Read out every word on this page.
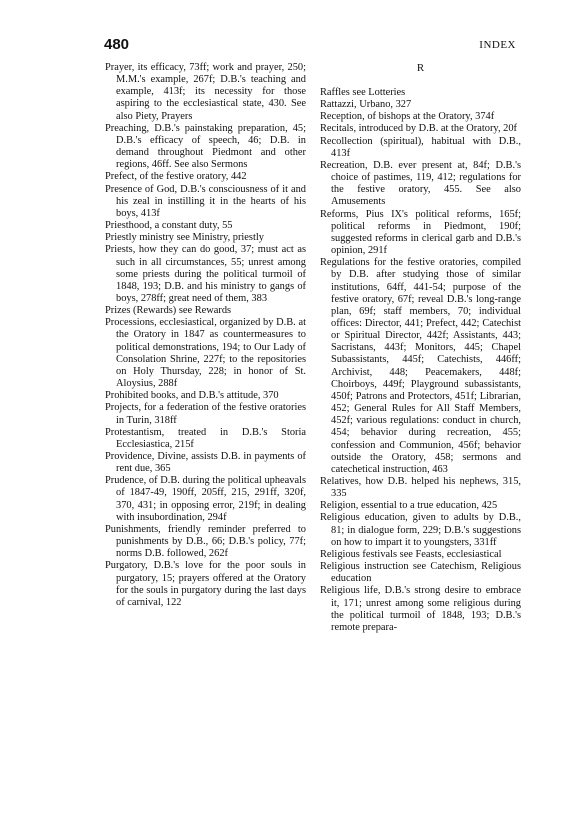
480	INDEX

Prayer, its efficacy, 73ff; work and prayer, 250; M.M.'s example, 267f; D.B.'s teaching and example, 413f; its necessity for those aspiring to the ecclesiastical state, 430. See also Piety, Prayers

Preaching, D.B.'s painstaking preparation, 45; D.B.'s efficacy of speech, 46; D.B. in demand throughout Piedmont and other regions, 46ff. See also Sermons

Prefect, of the festive oratory, 442

Presence of God, D.B.'s consciousness of it and his zeal in instilling it in the hearts of his boys, 413f

Priesthood, a constant duty, 55

Priestly ministry see Ministry, priestly

Priests, how they can do good, 37; must act as such in all circumstances, 55; unrest among some priests during the political turmoil of 1848, 193; D.B. and his ministry to gangs of boys, 278ff; great need of them, 383

Prizes (Rewards) see Rewards

Processions, ecclesiastical, organized by D.B. at the Oratory in 1847 as countermeasures to political demonstrations, 194; to Our Lady of Consolation Shrine, 227f; to the repositories on Holy Thursday, 228; in honor of St. Aloysius, 288f

Prohibited books, and D.B.'s attitude, 370

Projects, for a federation of the festive oratories in Turin, 318ff

Protestantism, treated in D.B.'s Storia Ecclesiastica, 215f

Providence, Divine, assists D.B. in payments of rent due, 365

Prudence, of D.B. during the political upheavals of 1847-49, 190ff, 205ff, 215, 291ff, 320f, 370, 431; in opposing error, 219f; in dealing with insubordination, 294f

Punishments, friendly reminder preferred to punishments by D.B., 66; D.B.'s policy, 77f; norms D.B. followed, 262f

Purgatory, D.B.'s love for the poor souls in purgatory, 15; prayers offered at the Oratory for the souls in purgatory during the last days of carnival, 122

R

Raffles see Lotteries

Rattazzi, Urbano, 327

Reception, of bishops at the Oratory, 374f

Recitals, introduced by D.B. at the Oratory, 20f

Recollection (spiritual), habitual with D.B., 413f

Recreation, D.B. ever present at, 84f; D.B.'s choice of pastimes, 119, 412; regulations for the festive oratory, 455. See also Amusements

Reforms, Pius IX's political reforms, 165f; political reforms in Piedmont, 190f; suggested reforms in clerical garb and D.B.'s opinion, 291f

Regulations for the festive oratories, compiled by D.B. after studying those of similar institutions, 64ff, 441-54; purpose of the festive oratory, 67f; reveal D.B.'s long-range plan, 69f; staff members, 70; individual offices: Director, 441; Prefect, 442; Catechist or Spiritual Director, 442f; Assistants, 443; Sacristans, 443f; Monitors, 445; Chapel Subassistants, 445f; Catechists, 446ff; Archivist, 448; Peacemakers, 448f; Choirboys, 449f; Playground subassistants, 450f; Patrons and Protectors, 451f; Librarian, 452; General Rules for All Staff Members, 452f; various regulations: conduct in church, 454; behavior during recreation, 455; confession and Communion, 456f; behavior outside the Oratory, 458; sermons and catechetical instruction, 463

Relatives, how D.B. helped his nephews, 315, 335

Religion, essential to a true education, 425

Religious education, given to adults by D.B., 81; in dialogue form, 229; D.B.'s suggestions on how to impart it to youngsters, 331ff

Religious festivals see Feasts, ecclesiastical

Religious instruction see Catechism, Religious education

Religious life, D.B.'s strong desire to embrace it, 171; unrest among some religious during the political turmoil of 1848, 193; D.B.'s remote prepara-
